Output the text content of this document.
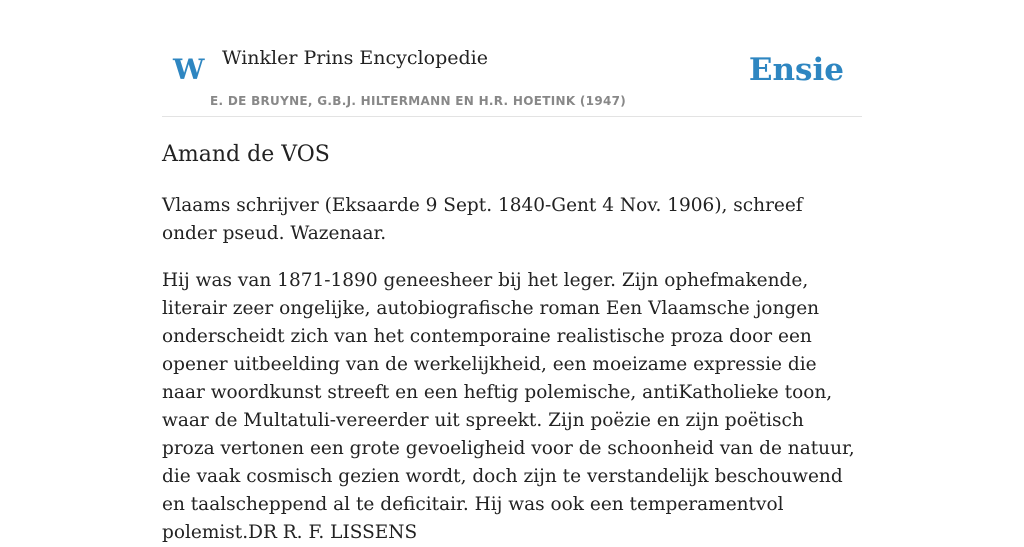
W Winkler Prins Encyclopedie
E. DE BRUYNE, G.B.J. HILTERMANN EN H.R. HOETINK (1947)
Ensie
Amand de VOS

Vlaams schrijver (Eksaarde 9 Sept. 1840-Gent 4 Nov. 1906), schreef onder pseud. Wazenaar.

Hij was van 1871-1890 geneesheer bij het leger. Zijn ophefmakende, literair zeer ongelijke, autobiografische roman Een Vlaamsche jongen onderscheidt zich van het contemporaine realistische proza door een opener uitbeelding van de werkelijkheid, een moeizame expressie die naar woordkunst streeft en een heftig polemische, antiKatholieke toon, waar de Multatuli-vereerder uit spreekt. Zijn poëzie en zijn poëtisch proza vertonen een grote gevoeligheid voor de schoonheid van de natuur, die vaak cosmisch gezien wordt, doch zijn te verstandelijk beschouwend en taalscheppend al te deficitair. Hij was ook een temperamentvol polemist.DR R. F. LISSENS
